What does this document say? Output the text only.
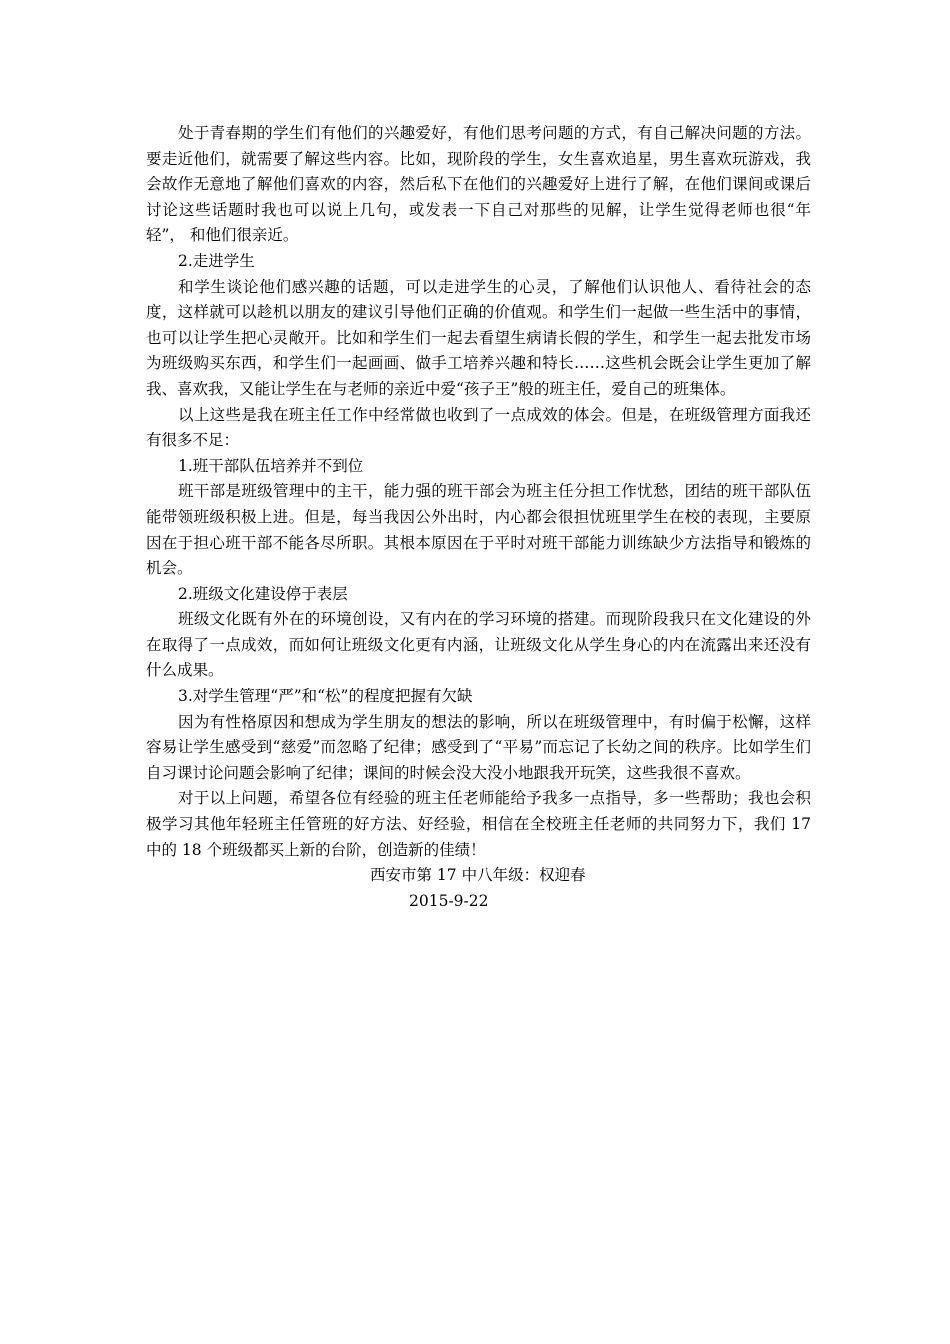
处于青春期的学生们有他们的兴趣爱好，有他们思考问题的方式，有自己解决问题的方法。要走近他们，就需要了解这些内容。比如，现阶段的学生，女生喜欢追星，男生喜欢玩游戏，我会故作无意地了解他们喜欢的内容，然后私下在他们的兴趣爱好上进行了解，在他们课间或课后讨论这些话题时我也可以说上几句，或发表一下自己对那些的见解，让学生觉得老师也很“年轻”， 和他们很亲近。

2.走进学生

和学生谈论他们感兴趣的话题，可以走进学生的心灵，了解他们认识他人、看待社会的态度，这样就可以趁机以朋友的建议引导他们正确的价值观。和学生们一起做一些生活中的事情，也可以让学生把心灵敞开。比如和学生们一起去看望生病请长假的学生，和学生一起去批发市场为班级购买东西，和学生们一起画画、做手工培养兴趣和特长……这些机会既会让学生更加了解我、喜欢我，又能让学生在与老师的亲近中爱“孩子王”般的班主任，爱自己的班集体。

以上这些是我在班主任工作中经常做也收到了一点成效的体会。但是，在班级管理方面我还有很多不足：

1.班干部队伍培养并不到位

班干部是班级管理中的主干，能力强的班干部会为班主任分担工作忧愁，团结的班干部队伍能带领班级积极上进。但是，每当我因公外出时，内心都会很担忧班里学生在校的表现，主要原因在于担心班干部不能各尽所职。其根本原因在于平时对班干部能力训练缺少方法指导和锻炼的机会。

2.班级文化建设停于表层

班级文化既有外在的环境创设，又有内在的学习环境的搭建。而现阶段我只在文化建设的外在取得了一点成效，而如何让班级文化更有内涵，让班级文化从学生身心的内在流露出来还没有什么成果。

3.对学生管理“严”和“松”的程度把握有欠缺

因为有性格原因和想成为学生朋友的想法的影响，所以在班级管理中，有时偏于松懈，这样容易让学生感受到“慈爱”而忽略了纪律；感受到了“平易”而忘记了长幼之间的秩序。比如学生们自习课讨论问题会影响了纪律；课间的时候会没大没小地跟我开玩笑，这些我很不喜欢。

对于以上问题，希望各位有经验的班主任老师能给予我多一点指导，多一些帮助；我也会积极学习其他年轻班主任管班的好方法、好经验，相信在全校班主任老师的共同努力下，我们 17 中的 18 个班级都买上新的台阶，创造新的佳绩！

西安市第 17 中八年级：权迎春

2015-9-22
